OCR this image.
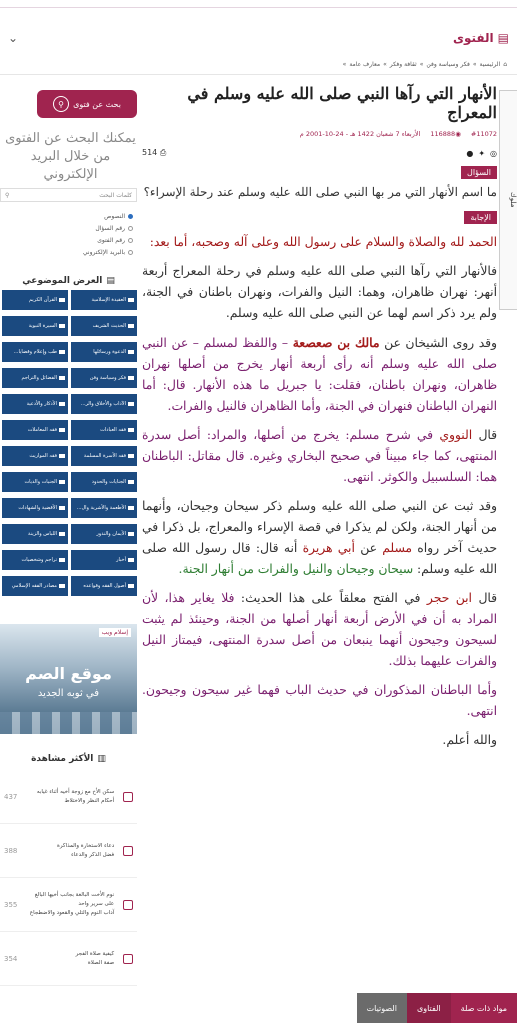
▤
الفتوى
⌄
⌂
الرئيسية
»
فكر وسياسة وفن
»
ثقافة وفكر
»
معارف عامة
»
ملوك
الأنهار التي رآها النبي صلى الله عليه وسلم في المعراج
#11072
◉116888
الأربعاء 7 شعبان 1422 هـ - 24-10-2001 م
◎
✦
●
⎙ 514
السؤال

ما اسم الأنهار التي مر بها النبي صلى الله عليه وسلم عند رحلة الإسراء؟

الإجابة

الحمد لله والصلاة والسلام على رسول الله وعلى آله وصحبه، أما بعد:

فالأنهار التي رآها النبي صلى الله عليه وسلم في رحلة المعراج أربعة أنهر: نهران ظاهران، وهما: النيل والفرات، ونهران باطنان في الجنة، ولم يرد ذكر اسم لهما عن النبي صلى الله عليه وسلم.

وقد روى الشيخان عن مالك بن صعصعة – واللفظ لمسلم – عن النبي صلى الله عليه وسلم أنه رأى أربعة أنهار يخرج من أصلها نهران ظاهران، ونهران باطنان، فقلت: يا جبريل ما هذه الأنهار. قال: أما النهران الباطنان فنهران في الجنة، وأما الظاهران فالنيل والفرات.

قال النووي في شرح مسلم: يخرج من أصلها، والمراد: أصل سدرة المنتهى، كما جاء مبيناً في صحيح البخاري وغيره. قال مقاتل: الباطنان هما: السلسبيل والكوثر. انتهى.

وقد ثبت عن النبي صلى الله عليه وسلم ذكر سيحان وجيحان، وأنهما من أنهار الجنة، ولكن لم يذكرا في قصة الإسراء والمعراج، بل ذكرا في حديث آخر رواه مسلم عن أبي هريرة أنه قال: قال رسول الله صلى الله عليه وسلم: سيحان وجيحان والنيل والفرات من أنهار الجنة.

قال ابن حجر في الفتح معلقاً على هذا الحديث: فلا يغاير هذا، لأن المراد به أن في الأرض أربعة أنهار أصلها من الجنة، وحينئذ لم يثبت لسيحون وجيحون أنهما ينبعان من أصل سدرة المنتهى، فيمتاز النيل والفرات عليهما بذلك.

وأما الباطنان المذكوران في حديث الباب فهما غير سيحون وجيحون. انتهى.

والله أعلم.

بحث عن فتوى
⚲
يمكنك البحث عن الفتوى من خلال البريد الإلكتروني
كلمات البحث
⚲
النصوص
رقم السؤال
رقم الفتوى
بالبريد الإلكتروني
▤
العرض الموضوعي
العقيدة الإسلامية
القرآن الكريم
الحديث الشريف
السيرة النبوية
الدعوة ورسائلها
طب وإعلام وقضايا...
فكر وسياسة وفن
الفضائل والتراجم
الآداب والأخلاق والر...
الأذكار والأدعية
فقه العبادات
فقه المعاملات
فقه الأسرة المسلمة
فقه المواريث
الجنايات والحدود
الجنيات والديات
الأطعمة والأشربة وال...
الأقضية والشهادات
الأيمان والنذور
اللباس والزينة
أخبار
تراجم وشخصيات
أصول الفقه وقواعده
مصادر الفقه الإسلامي
إسلام ويب
موقع الصم
في ثوبه الجديد
▥
الأكثر مشاهدة
سكن الأخ مع زوجة أخيه أثناء غيابه
أحكام النظر والاختلاط
437
دعاء الاستخارة والمذاكرة
فضل الذكر والدعاء
388
نوم الأخت البالغة بجانب أخيها البالغ على سرير واحد
آداب النوم والتلي والقعود والاضطجاع
355
كيفية صلاة الفجر
صفة الصلاة
354
مواد ذات صلة
الفتاوى
الصوتيات
